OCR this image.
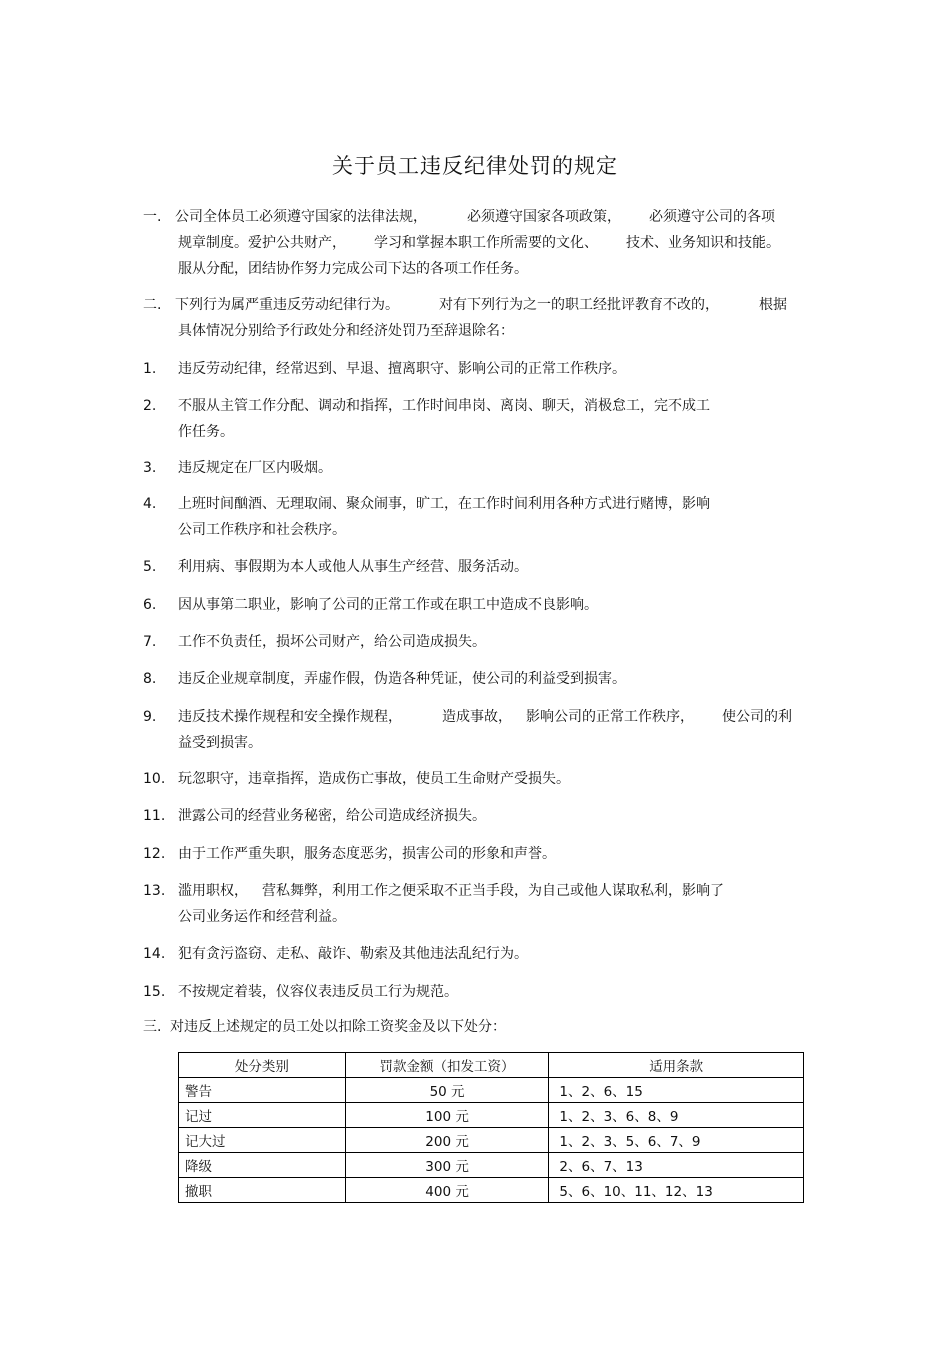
关于员工违反纪律处罚的规定
一. 公司全体员工必须遵守国家的法律法规，	必须遵守国家各项政策， 必须遵守公司的各项
规章制度。爱护公共财产， 学习和掌握本职工作所需要的文化、 技术、业务知识和技能。
服从分配，团结协作努力完成公司下达的各项工作任务。
二. 下列行为属严重违反劳动纪律行为。	对有下列行为之一的职工经批评教育不改的，	根据
具体情况分别给予行政处分和经济处罚乃至辞退除名：
1. 违反劳动纪律，经常迟到、早退、擅离职守、影响公司的正常工作秩序。
2. 不服从主管工作分配、调动和指挥，工作时间串岗、离岗、聊天，消极怠工，完不成工
作任务。
3. 违反规定在厂区内吸烟。
4. 上班时间酗酒、无理取闹、聚众闹事，旷工，在工作时间利用各种方式进行赌博，影响
公司工作秩序和社会秩序。
5. 利用病、事假期为本人或他人从事生产经营、服务活动。
6. 因从事第二职业，影响了公司的正常工作或在职工中造成不良影响。
7. 工作不负责任，损坏公司财产，给公司造成损失。
8. 违反企业规章制度，弄虚作假，伪造各种凭证，使公司的利益受到损害。
9. 违反技术操作规程和安全操作规程，	造成事故， 影响公司的正常工作秩序， 使公司的利
益受到损害。
10. 玩忽职守，违章指挥，造成伤亡事故，使员工生命财产受损失。
11. 泄露公司的经营业务秘密，给公司造成经济损失。
12. 由于工作严重失职，服务态度恶劣，损害公司的形象和声誉。
13. 滥用职权， 营私舞弊，利用工作之便采取不正当手段，为自己或他人谋取私利，影响了
公司业务运作和经营利益。
14. 犯有贪污盗窃、走私、敲诈、勒索及其他违法乱纪行为。
15. 不按规定着装，仪容仪表违反员工行为规范。
三. 对违反上述规定的员工处以扣除工资奖金及以下处分：
处分类别	罚款金额（扣发工资）	适用条款
警告	50 元	1、2、6、15
记过	100 元	1、2、3、6、8、9
记大过	200 元	1、2、3、5、6、7、9
降级	300 元	2、6、7、13
撤职	400 元	5、6、10、11、12、13
